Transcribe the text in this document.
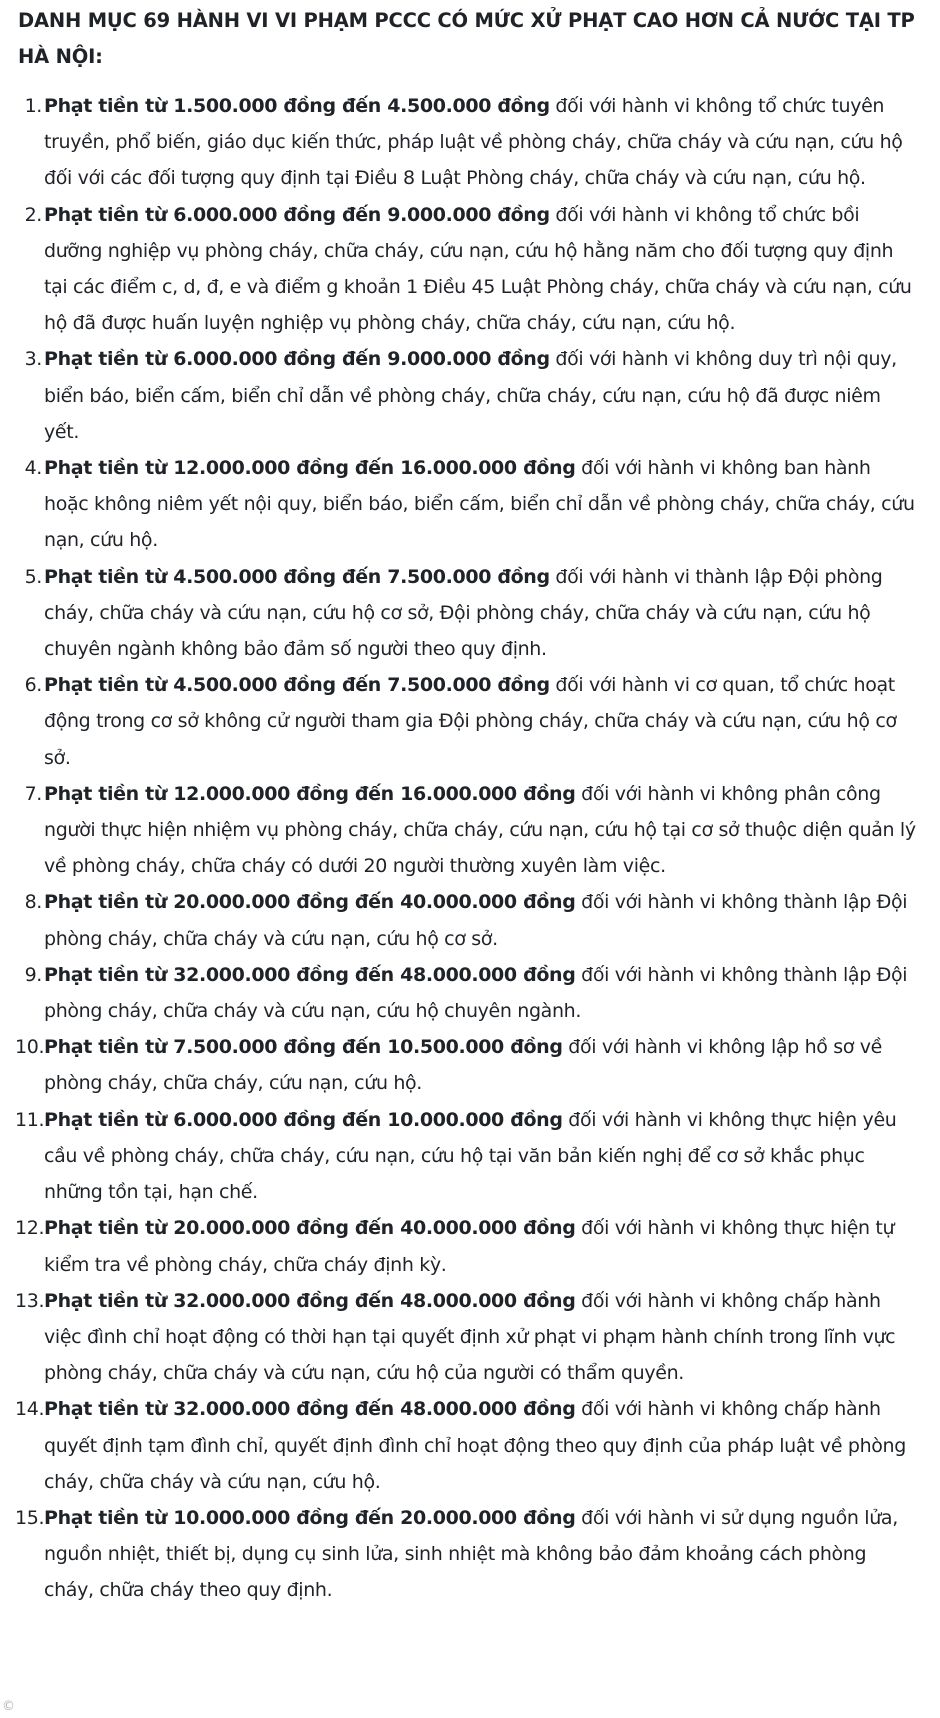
DANH MỤC 69 HÀNH VI VI PHẠM PCCC CÓ MỨC XỬ PHẠT CAO HƠN CẢ NƯỚC TẠI TP HÀ NỘI:
1. Phạt tiền từ 1.500.000 đồng đến 4.500.000 đồng đối với hành vi không tổ chức tuyên truyền, phổ biến, giáo dục kiến thức, pháp luật về phòng cháy, chữa cháy và cứu nạn, cứu hộ đối với các đối tượng quy định tại Điều 8 Luật Phòng cháy, chữa cháy và cứu nạn, cứu hộ.
2. Phạt tiền từ 6.000.000 đồng đến 9.000.000 đồng đối với hành vi không tổ chức bồi dưỡng nghiệp vụ phòng cháy, chữa cháy, cứu nạn, cứu hộ hằng năm cho đối tượng quy định tại các điểm c, d, đ, e và điểm g khoản 1 Điều 45 Luật Phòng cháy, chữa cháy và cứu nạn, cứu hộ đã được huấn luyện nghiệp vụ phòng cháy, chữa cháy, cứu nạn, cứu hộ.
3. Phạt tiền từ 6.000.000 đồng đến 9.000.000 đồng đối với hành vi không duy trì nội quy, biển báo, biển cấm, biển chỉ dẫn về phòng cháy, chữa cháy, cứu nạn, cứu hộ đã được niêm yết.
4. Phạt tiền từ 12.000.000 đồng đến 16.000.000 đồng đối với hành vi không ban hành hoặc không niêm yết nội quy, biển báo, biển cấm, biển chỉ dẫn về phòng cháy, chữa cháy, cứu nạn, cứu hộ.
5. Phạt tiền từ 4.500.000 đồng đến 7.500.000 đồng đối với hành vi thành lập Đội phòng cháy, chữa cháy và cứu nạn, cứu hộ cơ sở, Đội phòng cháy, chữa cháy và cứu nạn, cứu hộ chuyên ngành không bảo đảm số người theo quy định.
6. Phạt tiền từ 4.500.000 đồng đến 7.500.000 đồng đối với hành vi cơ quan, tổ chức hoạt động trong cơ sở không cử người tham gia Đội phòng cháy, chữa cháy và cứu nạn, cứu hộ cơ sở.
7. Phạt tiền từ 12.000.000 đồng đến 16.000.000 đồng đối với hành vi không phân công người thực hiện nhiệm vụ phòng cháy, chữa cháy, cứu nạn, cứu hộ tại cơ sở thuộc diện quản lý về phòng cháy, chữa cháy có dưới 20 người thường xuyên làm việc.
8. Phạt tiền từ 20.000.000 đồng đến 40.000.000 đồng đối với hành vi không thành lập Đội phòng cháy, chữa cháy và cứu nạn, cứu hộ cơ sở.
9. Phạt tiền từ 32.000.000 đồng đến 48.000.000 đồng đối với hành vi không thành lập Đội phòng cháy, chữa cháy và cứu nạn, cứu hộ chuyên ngành.
10. Phạt tiền từ 7.500.000 đồng đến 10.500.000 đồng đối với hành vi không lập hồ sơ về phòng cháy, chữa cháy, cứu nạn, cứu hộ.
11. Phạt tiền từ 6.000.000 đồng đến 10.000.000 đồng đối với hành vi không thực hiện yêu cầu về phòng cháy, chữa cháy, cứu nạn, cứu hộ tại văn bản kiến nghị để cơ sở khắc phục những tồn tại, hạn chế.
12. Phạt tiền từ 20.000.000 đồng đến 40.000.000 đồng đối với hành vi không thực hiện tự kiểm tra về phòng cháy, chữa cháy định kỳ.
13. Phạt tiền từ 32.000.000 đồng đến 48.000.000 đồng đối với hành vi không chấp hành việc đình chỉ hoạt động có thời hạn tại quyết định xử phạt vi phạm hành chính trong lĩnh vực phòng cháy, chữa cháy và cứu nạn, cứu hộ của người có thẩm quyền.
14. Phạt tiền từ 32.000.000 đồng đến 48.000.000 đồng đối với hành vi không chấp hành quyết định tạm đình chỉ, quyết định đình chỉ hoạt động theo quy định của pháp luật về phòng cháy, chữa cháy và cứu nạn, cứu hộ.
15. Phạt tiền từ 10.000.000 đồng đến 20.000.000 đồng đối với hành vi sử dụng nguồn lửa, nguồn nhiệt, thiết bị, dụng cụ sinh lửa, sinh nhiệt mà không bảo đảm khoảng cách phòng cháy, chữa cháy theo quy định.
©
